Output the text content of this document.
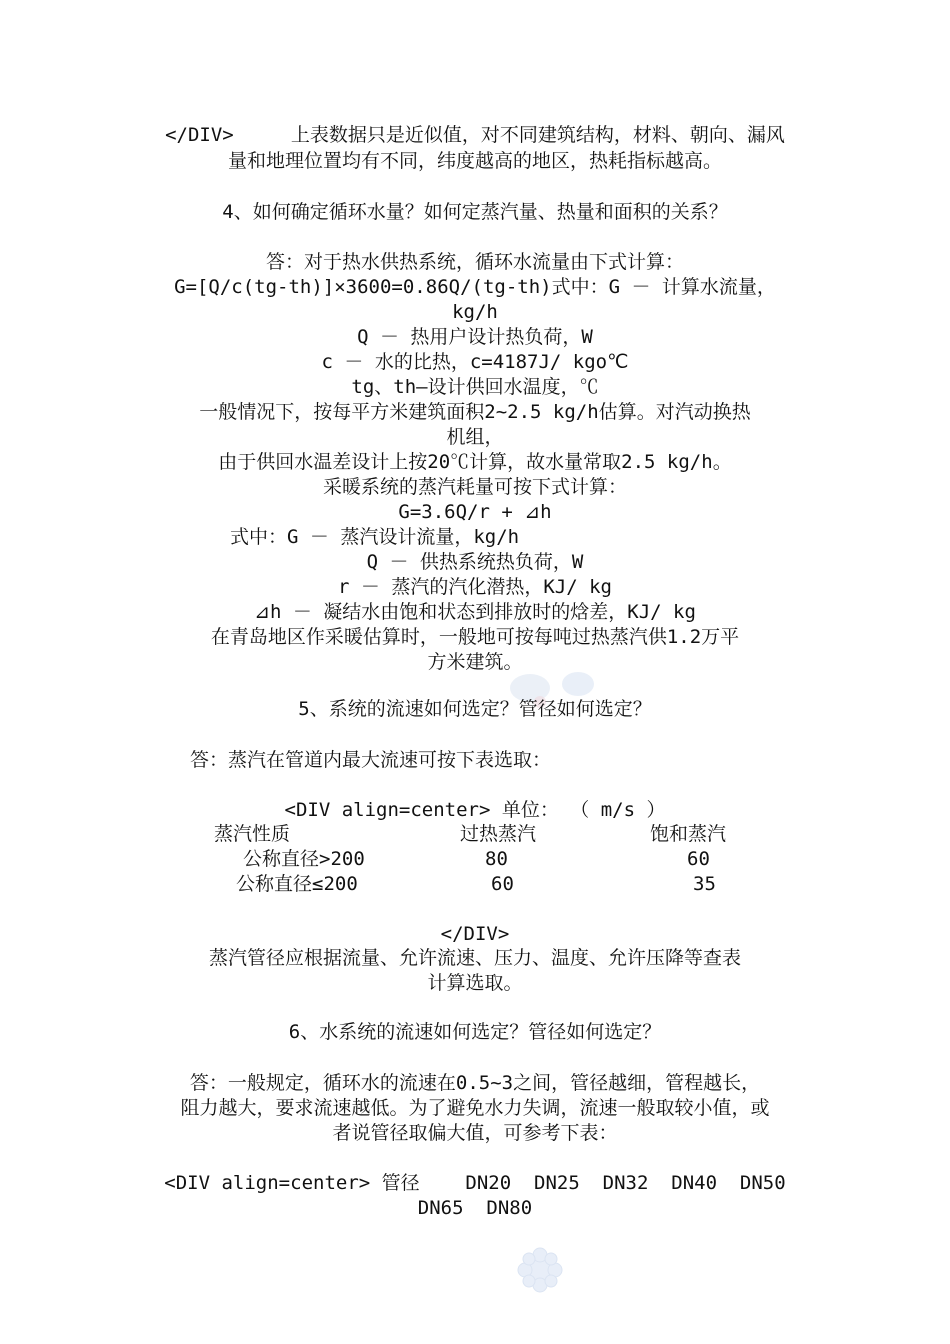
</DIV>     上表数据只是近似值，对不同建筑结构，材料、朝向、漏风
量和地理位置均有不同，纬度越高的地区，热耗指标越高。
4、如何确定循环水量？如何定蒸汽量、热量和面积的关系？
答：对于热水供热系统，循环水流量由下式计算：
G=[Q/c(tg-th)]×3600=0.86Q/(tg-th)式中：G － 计算水流量，
kg/h
Q － 热用户设计热负荷，W
c － 水的比热，c=4187J/ kgo℃
tg、th—设计供回水温度，℃
一般情况下，按每平方米建筑面积2~2.5 kg/h估算。对汽动换热
机组，
由于供回水温差设计上按20℃计算，故水量常取2.5 kg/h。
采暖系统的蒸汽耗量可按下式计算：
G=3.6Q/r + ⊿h
式中：G － 蒸汽设计流量，kg/h
Q － 供热系统热负荷，W
r － 蒸汽的汽化潜热，KJ/ kg
⊿h － 凝结水由饱和状态到排放时的焓差，KJ/ kg
在青岛地区作采暖估算时，一般地可按每吨过热蒸汽供1.2万平
方米建筑。
5、系统的流速如何选定？管径如何选定？
答：蒸汽在管道内最大流速可按下表选取：
<DIV align=center> 单位： （ m/s ）
蒸汽性质	过热蒸汽	饱和蒸汽
公称直径>200	80	60
公称直径≤200	60	35
</DIV>
蒸汽管径应根据流量、允许流速、压力、温度、允许压降等查表
计算选取。
6、水系统的流速如何选定？管径如何选定？
答：一般规定，循环水的流速在0.5~3之间，管径越细，管程越长，
阻力越大，要求流速越低。为了避免水力失调，流速一般取较小值，或
者说管径取偏大值，可参考下表：
<DIV align=center> 管径    DN20  DN25  DN32  DN40  DN50
DN65  DN80
